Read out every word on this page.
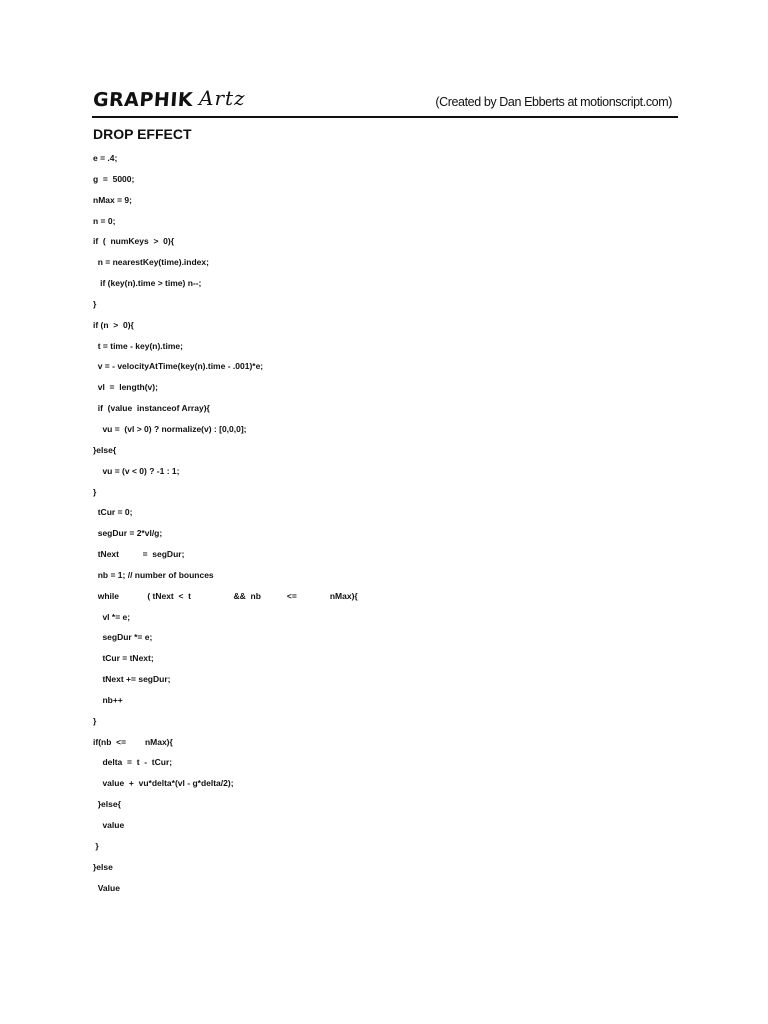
GRAPHIK Artz	(Created by Dan Ebberts at motionscript.com)
DROP EFFECT
e = .4;
g  =  5000;
nMax = 9;
n = 0;
if  (  numKeys  >  0){
n = nearestKey(time).index;
if (key(n).time > time) n--;
}
if (n  >  0){
t = time - key(n).time;
v = - velocityAtTime(key(n).time - .001)*e;
vl  =  length(v);
if  (value  instanceof Array){
vu =  (vl > 0) ? normalize(v) : [0,0,0];
}else{
vu = (v < 0) ? -1 : 1;
}
tCur = 0;
segDur = 2*vl/g;
tNext          =  segDur;
nb = 1; // number of bounces
while            ( tNext  <  t                  &&  nb           <=              nMax){
vl *= e;
segDur *= e;
tCur = tNext;
tNext += segDur;
nb++
}
if(nb  <=        nMax){
delta  =  t  -  tCur;
value  +  vu*delta*(vl - g*delta/2);
}else{
value
}
}else
Value
